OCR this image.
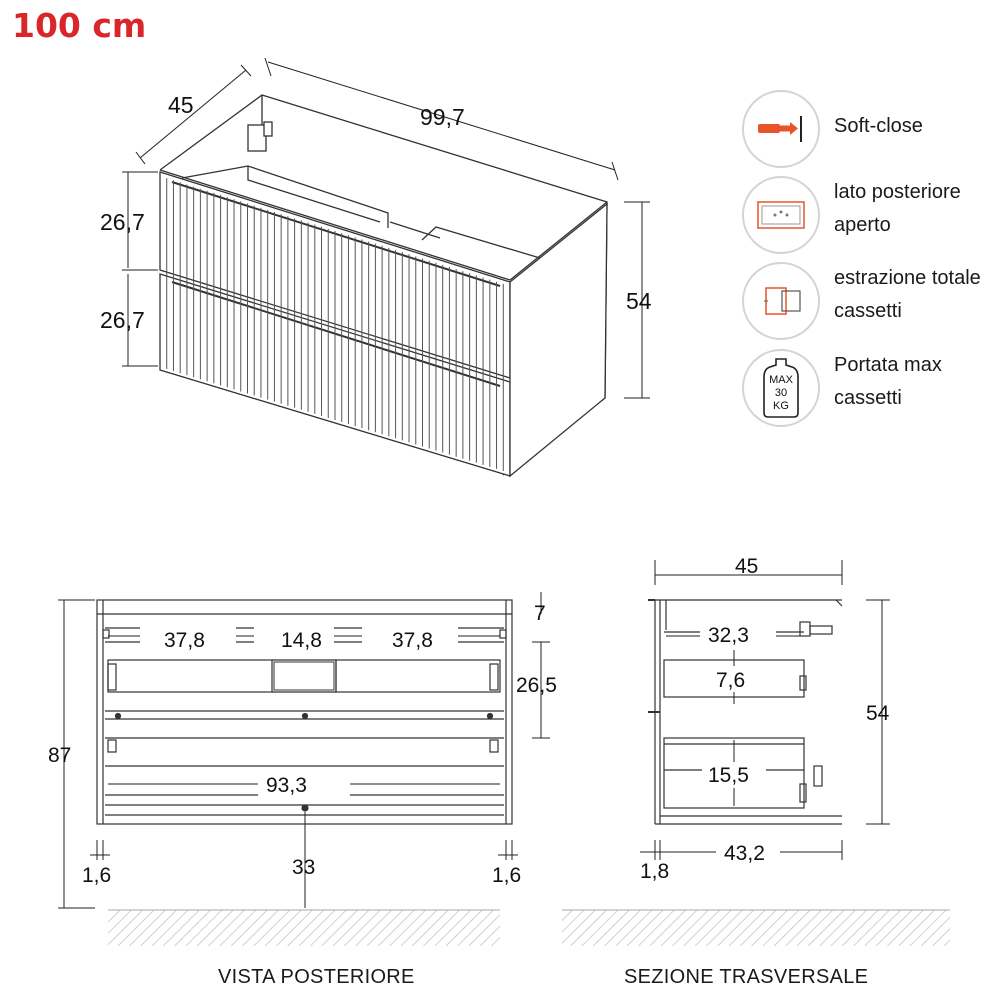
100 cm
Soft-close
lato posteriore
aperto
estrazione totale
cassetti
MAX
30
KG
Portata max
cassetti
45	99,7
26,7
26,7
54
37,8	14,8	37,8
7
26,5
93,3
87
1,6	1,6
33
45
32,3
7,6
15,5
54
1,8
43,2
VISTA POSTERIORE	SEZIONE TRASVERSALE
